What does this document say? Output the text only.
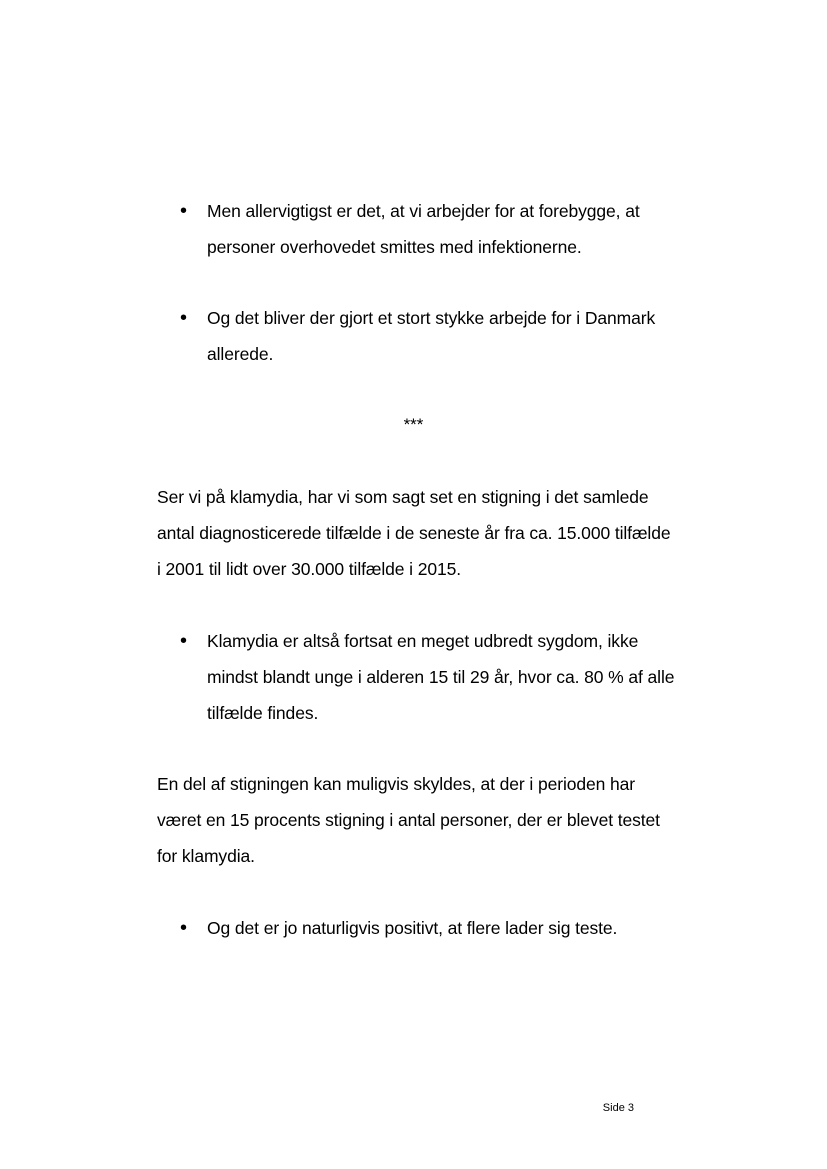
•	Men allervigtigst er det, at vi arbejder for at forebygge, at personer overhovedet smittes med infektionerne.
•	Og det bliver der gjort et stort stykke arbejde for i Danmark allerede.
***
Ser vi på klamydia, har vi som sagt set en stigning i det samlede antal diagnosticerede tilfælde i de seneste år fra ca. 15.000 tilfælde i 2001 til lidt over 30.000 tilfælde i 2015.
•	Klamydia er altså fortsat en meget udbredt sygdom, ikke mindst blandt unge i alderen 15 til 29 år, hvor ca. 80 % af alle tilfælde findes.
En del af stigningen kan muligvis skyldes, at der i perioden har været en 15 procents stigning i antal personer, der er blevet testet for klamydia.
•	Og det er jo naturligvis positivt, at flere lader sig teste.
Side 3
